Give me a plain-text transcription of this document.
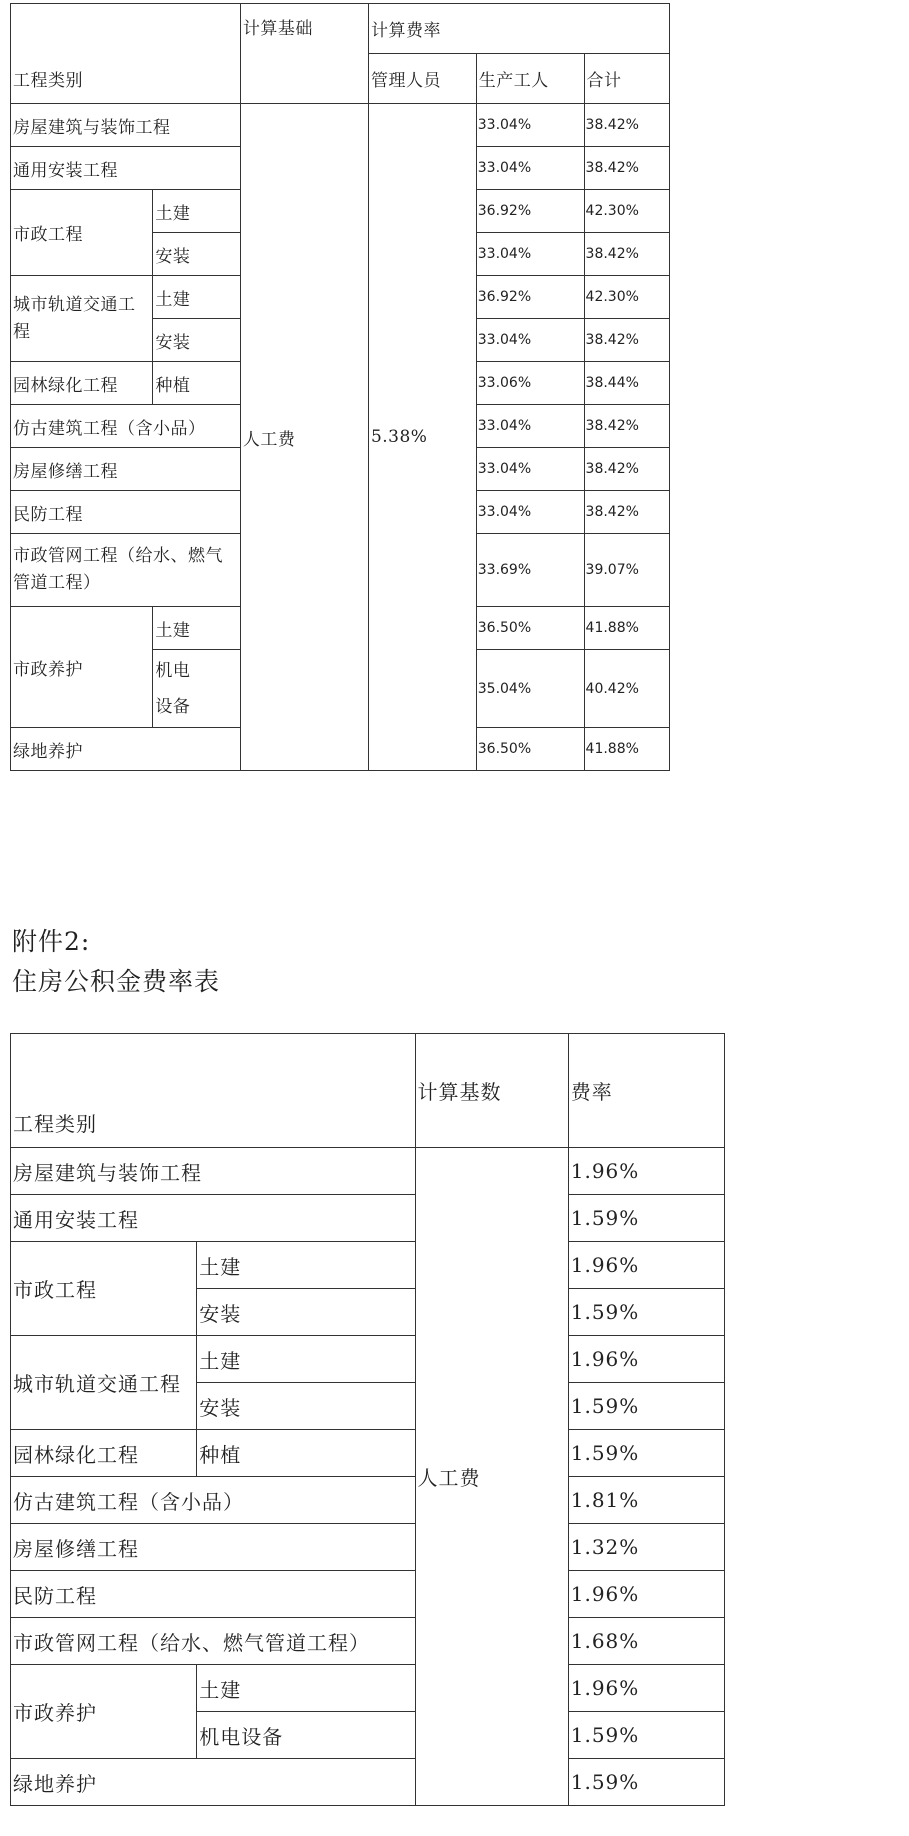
工程类别		计算基础	计算费率		
			管理人员	生产工人	合计
房屋建筑与装饰工程		人工费	5.38%	33.04%	38.42%
通用安装工程				33.04%	38.42%
市政工程	土建			36.92%	42.30%
	安装			33.04%	38.42%
城市轨道交通工程	土建			36.92%	42.30%
	安装			33.04%	38.42%
园林绿化工程	种植			33.06%	38.44%
仿古建筑工程（含小品）				33.04%	38.42%
房屋修缮工程				33.04%	38.42%
民防工程				33.04%	38.42%
市政管网工程（给水、燃气管道工程）				33.69%	39.07%
市政养护	土建			36.50%	41.88%

	机电设备			35.04%	40.42%
绿地养护				36.50%	41.88%
附件2:
住房公积金费率表
工程类别		计算基数	费率
房屋建筑与装饰工程		人工费	1.96%
通用安装工程			1.59%
市政工程	土建		1.96%
	安装		1.59%
城市轨道交通工程	土建		1.96%
	安装		1.59%
园林绿化工程	种植		1.59%
仿古建筑工程（含小品）			1.81%
房屋修缮工程			1.32%
民防工程			1.96%
市政管网工程（给水、燃气管道工程）			1.68%
市政养护	土建		1.96%
	机电设备		1.59%
绿地养护			1.59%
